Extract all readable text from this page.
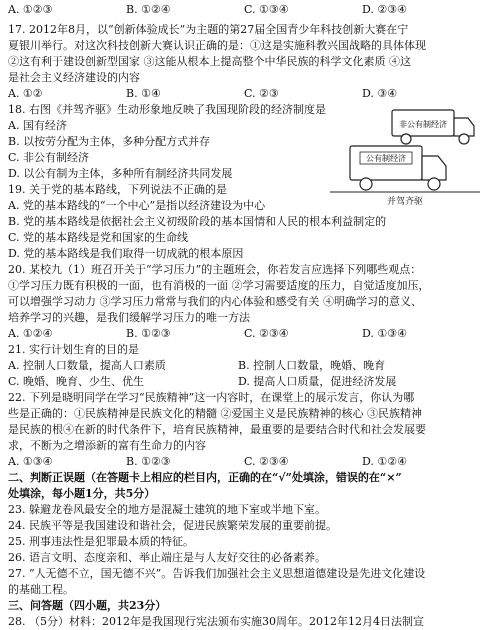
A. ①②③	B. ①②④	C. ①③④	D. ②③④
17. 2012年8月，以“创新体验成长”为主题的第27届全国青少年科技创新大赛在宁
夏银川举行。对这次科技创新大赛认识正确的是：①这是实施科教兴国战略的具体体现
②这有利于建设创新型国家 ③这能从根本上提高整个中华民族的科学文化素质 ④这
是社会主义经济建设的内容
A. ①②	B. ①④	C. ②③	D. ③④
18. 右图《并驾齐驱》生动形象地反映了我国现阶段的经济制度是
A. 国有经济
B. 以按劳分配为主体，多种分配方式并存
C. 非公有制经济
D. 以公有制为主体，多种所有制经济共同发展
非公有制经济
公有制经济
并驾齐驱
19. 关于党的基本路线，下列说法不正确的是
A. 党的基本路线的“一个中心”是指以经济建设为中心
B. 党的基本路线是依据社会主义初级阶段的基本国情和人民的根本利益制定的
C. 党的基本路线是党和国家的生命线
D. 党的基本路线是我们取得一切成就的根本原因
20. 某校九（1）班召开关于“学习压力”的主题班会，你若发言应选择下列哪些观点：
①学习压力既有积极的一面，也有消极的一面 ②学习需要适度的压力，自觉适度加压，
可以增强学习动力 ③学习压力常常与我们的内心体验和感受有关 ④明确学习的意义、
培养学习的兴趣，是我们缓解学习压力的唯一方法
A. ①②④	B. ①②③	C. ②③④	D. ①③④
21. 实行计划生育的目的是
A. 控制人口数量，提高人口素质	B. 控制人口数量，晚婚、晚育
C. 晚婚、晚育、少生、优生	D. 提高人口质量，促进经济发展
22. 下列是晓明同学在学习“民族精神”这一内容时，在课堂上的展示发言，你认为哪
些是正确的：①民族精神是民族文化的精髓 ②爱国主义是民族精神的核心 ③民族精神
是民族的根④在新的时代条件下，培育民族精神，最重要的是要结合时代和社会发展要
求，不断为之增添新的富有生命力的内容
A. ①③④	B. ①②③	C. ②③④	D. ①②④
二、判断正误题（在答题卡上相应的栏目内，正确的在“√”处填涂，错误的在“×”
处填涂，每小题1分，共5分）
23. 躲避龙卷风最安全的地方是混凝土建筑的地下室或半地下室。
24. 民族平等是我国建设和谐社会，促进民族繁荣发展的重要前提。
25. 刑事违法性是犯罪最本质的特征。
26. 语言文明、态度亲和、举止端庄是与人友好交往的必备素养。
27. “人无德不立，国无德不兴”。告诉我们加强社会主义思想道德建设是先进文化建设
的基础工程。
三、问答题（四小题，共23分）
28. （5分）材料：2012年是我国现行宪法颁布实施30周年。2012年12月4日法制宣
